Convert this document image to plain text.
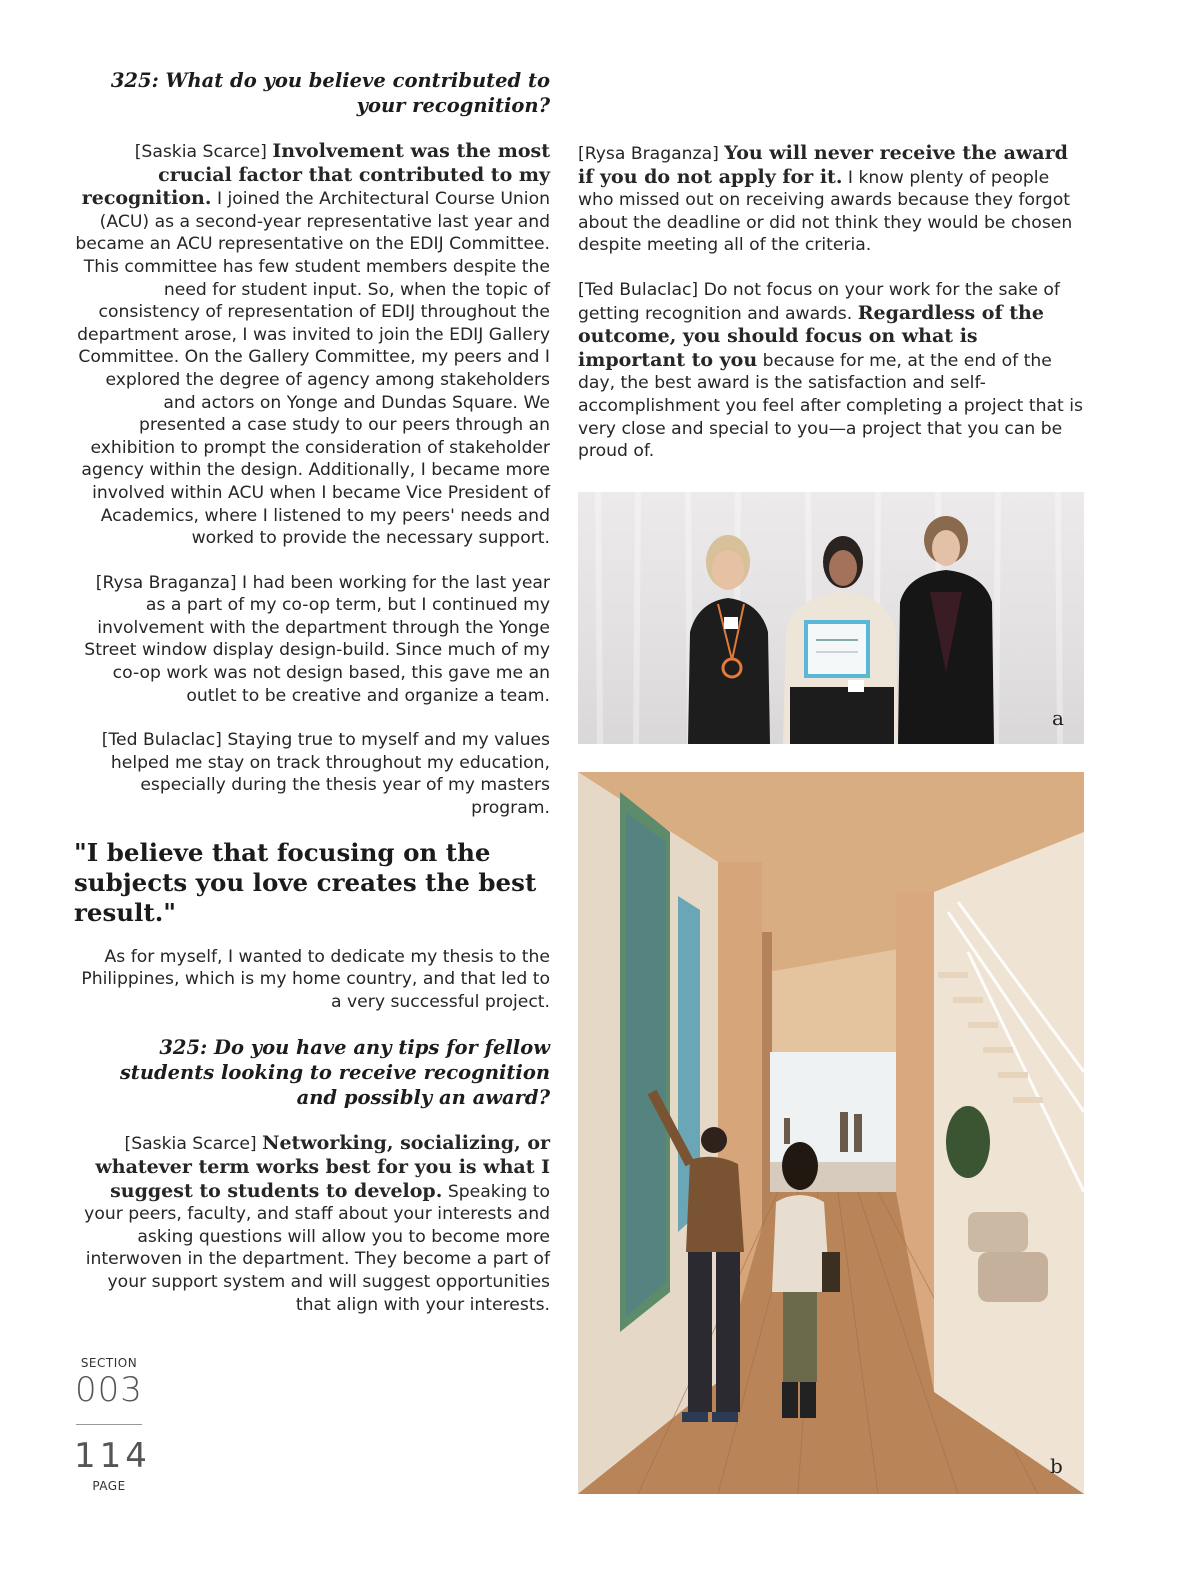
325: What do you believe contributed to your recognition?

[Saskia Scarce] Involvement was the most crucial factor that contributed to my recognition. I joined the Architectural Course Union (ACU) as a second-year representative last year and became an ACU representative on the EDIJ Committee. This committee has few student members despite the need for student input. So, when the topic of consistency of representation of EDIJ throughout the department arose, I was invited to join the EDIJ Gallery Committee. On the Gallery Committee, my peers and I explored the degree of agency among stakeholders and actors on Yonge and Dundas Square. We presented a case study to our peers through an exhibition to prompt the consideration of stakeholder agency within the design. Additionally, I became more involved within ACU when I became Vice President of Academics, where I listened to my peers' needs and worked to provide the necessary support.

[Rysa Braganza] I had been working for the last year as a part of my co-op term, but I continued my involvement with the department through the Yonge Street window display design-build. Since much of my co-op work was not design based, this gave me an outlet to be creative and organize a team.

[Ted Bulaclac] Staying true to myself and my values helped me stay on track throughout my education, especially during the thesis year of my masters program.

"I believe that focusing on the subjects you love creates the best result."

As for myself, I wanted to dedicate my thesis to the Philippines, which is my home country, and that led to a very successful project.

325: Do you have any tips for fellow students looking to receive recognition and possibly an award?

[Saskia Scarce] Networking, socializing, or whatever term works best for you is what I suggest to students to develop. Speaking to your peers, faculty, and staff about your interests and asking questions will allow you to become more interwoven in the department. They become a part of your support system and will suggest opportunities that align with your interests.

[Rysa Braganza] You will never receive the award if you do not apply for it. I know plenty of people who missed out on receiving awards because they forgot about the deadline or did not think they would be chosen despite meeting all of the criteria.

[Ted Bulaclac] Do not focus on your work for the sake of getting recognition and awards. Regardless of the outcome, you should focus on what is important to you because for me, at the end of the day, the best award is the satisfaction and self-accomplishment you feel after completing a project that is very close and special to you—a project that you can be proud of.

a
b
SECTION
003
114
PAGE
